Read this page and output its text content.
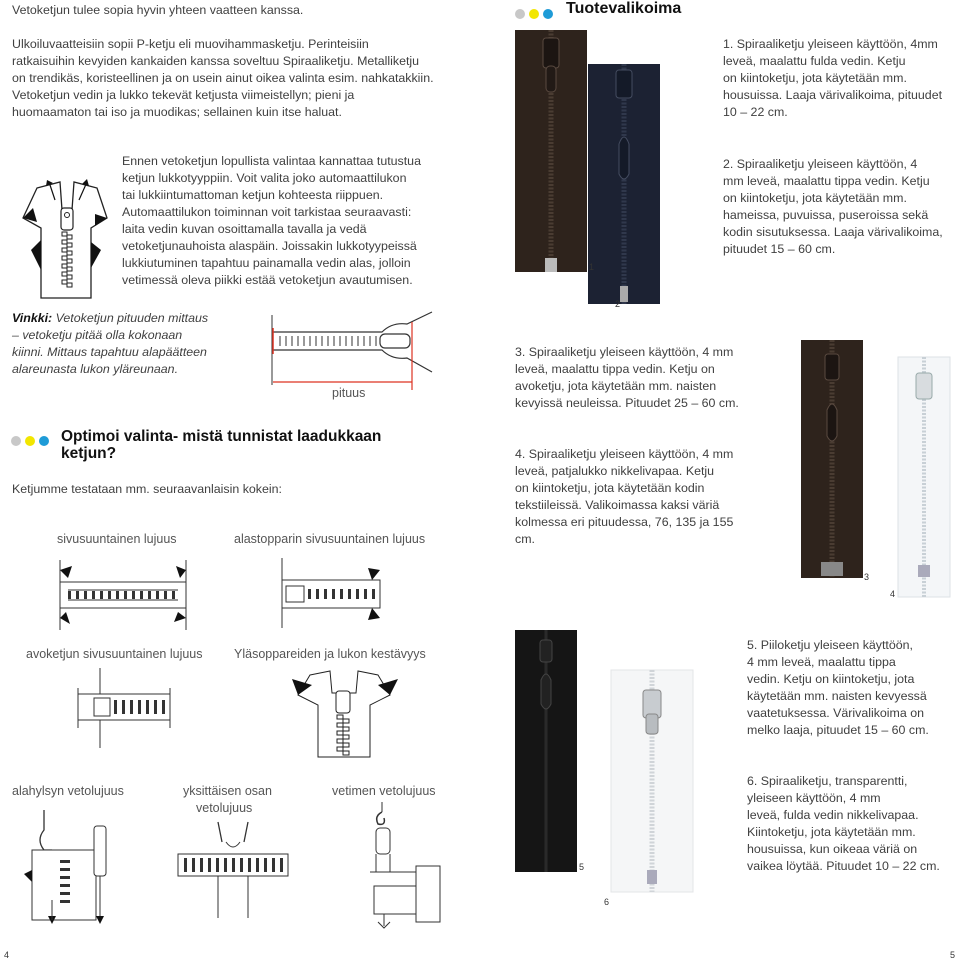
Vetoketjun tulee sopia hyvin yhteen vaatteen kanssa.
Ulkoiluvaatteisiin sopii P-ketju eli muovihammasketju. Perinteisiin
ratkaisuihin kevyiden kankaiden kanssa soveltuu Spiraaliketju. Metalliketju
on trendikäs, koristeellinen ja on usein ainut oikea valinta esim. nahkatakkiin.
Vetoketjun vedin ja lukko tekevät ketjusta viimeistellyn; pieni ja
huomaamaton tai iso ja muodikas; sellainen kuin itse haluat.
Ennen vetoketjun lopullista valintaa kannattaa tutustua
ketjun lukkotyyppiin. Voit valita joko automaattilukon
tai lukkiintumattoman ketjun kohteesta riippuen.
Automaattilukon toiminnan voit tarkistaa seuraavasti:
laita vedin kuvan osoittamalla tavalla ja vedä
vetoketjunauhoista alaspäin. Joissakin lukkotyypeissä
lukkiutuminen tapahtuu painamalla vedin alas, jolloin
vetimessä oleva piikki estää vetoketjun avautumisen.
Vinkki: Vetoketjun pituuden mittaus
– vetoketju pitää olla kokonaan
kiinni. Mittaus tapahtuu alapäätteen
alareunasta lukon yläreunaan.
pituus
Optimoi valinta- mistä tunnistat laadukkaan
ketjun?
Ketjumme testataan mm. seuraavanlaisin kokein:
sivusuuntainen lujuus	alastopparin sivusuuntainen lujuus
avoketjun sivusuuntainen lujuus	Yläsoppareiden ja lukon kestävyys
alahylsyn vetolujuus	yksittäisen osan
vetolujuus
vetimen vetolujuus
4
Tuotevalikoima
1
2
3
4
5
6
1. Spiraaliketju yleiseen käyttöön, 4mm
leveä, maalattu fulda vedin. Ketju
on kiintoketju, jota käytetään mm.
housuissa. Laaja värivalikoima, pituudet
10 – 22 cm.
2. Spiraaliketju yleiseen käyttöön, 4
mm leveä, maalattu tippa vedin. Ketju
on kiintoketju, jota käytetään mm.
hameissa, puvuissa, puseroissa sekä
kodin sisutuksessa. Laaja värivalikoima,
pituudet 15 – 60 cm.
3. Spiraaliketju yleiseen käyttöön, 4 mm
leveä, maalattu tippa vedin. Ketju on
avoketju, jota käytetään mm. naisten
kevyissä neuleissa. Pituudet 25 – 60 cm.
4. Spiraaliketju yleiseen käyttöön, 4 mm
leveä, patjalukko nikkelivapaa. Ketju
on kiintoketju, jota käytetään kodin
tekstiileissä. Valikoimassa kaksi väriä
kolmessa eri pituudessa, 76, 135 ja 155
cm.
5. Piiloketju yleiseen käyttöön,
4 mm leveä, maalattu tippa
vedin. Ketju on kiintoketju, jota
käytetään mm. naisten kevyessä
vaatetuksessa. Värivalikoima on
melko laaja, pituudet 15 – 60 cm.
6. Spiraaliketju, transparentti,
yleiseen käyttöön, 4 mm
leveä, fulda vedin nikkelivapaa.
Kiintoketju, jota käytetään mm.
housuissa, kun oikeaa väriä on
vaikea löytää. Pituudet 10 – 22 cm.
5
